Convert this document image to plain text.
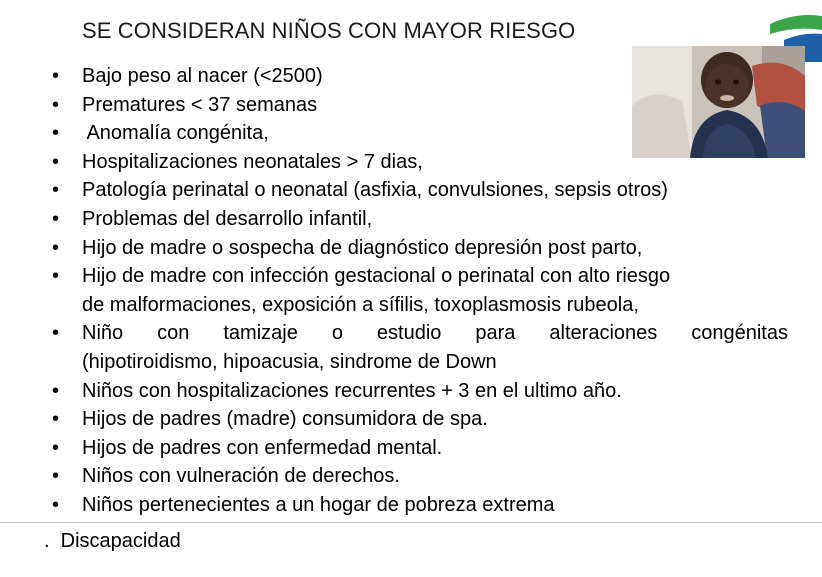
SE CONSIDERAN NIÑOS CON MAYOR RIESGO
• Bajo peso al nacer (<2500)
• Prematures < 37 semanas
• Anomalía congénita,
• Hospitalizaciones neonatales > 7 dias,
• Patología perinatal o neonatal (asfixia, convulsiones, sepsis otros)
• Problemas del desarrollo infantil,
• Hijo de madre o sospecha de diagnóstico depresión post parto,
• Hijo de madre con infección gestacional o perinatal con alto riesgo
de malformaciones, exposición a sífilis, toxoplasmosis rubeola,
• Niño con tamizaje o estudio para alteraciones congénitas
(hipotiroidismo, hipoacusia, sindrome de Down
• Niños con hospitalizaciones recurrentes + 3 en el ultimo año.
• Hijos de padres (madre) consumidora de spa.
• Hijos de padres con enfermedad mental.
• Niños con vulneración de derechos.
• Niños pertenecientes a un hogar de pobreza extrema
.  Discapacidad
